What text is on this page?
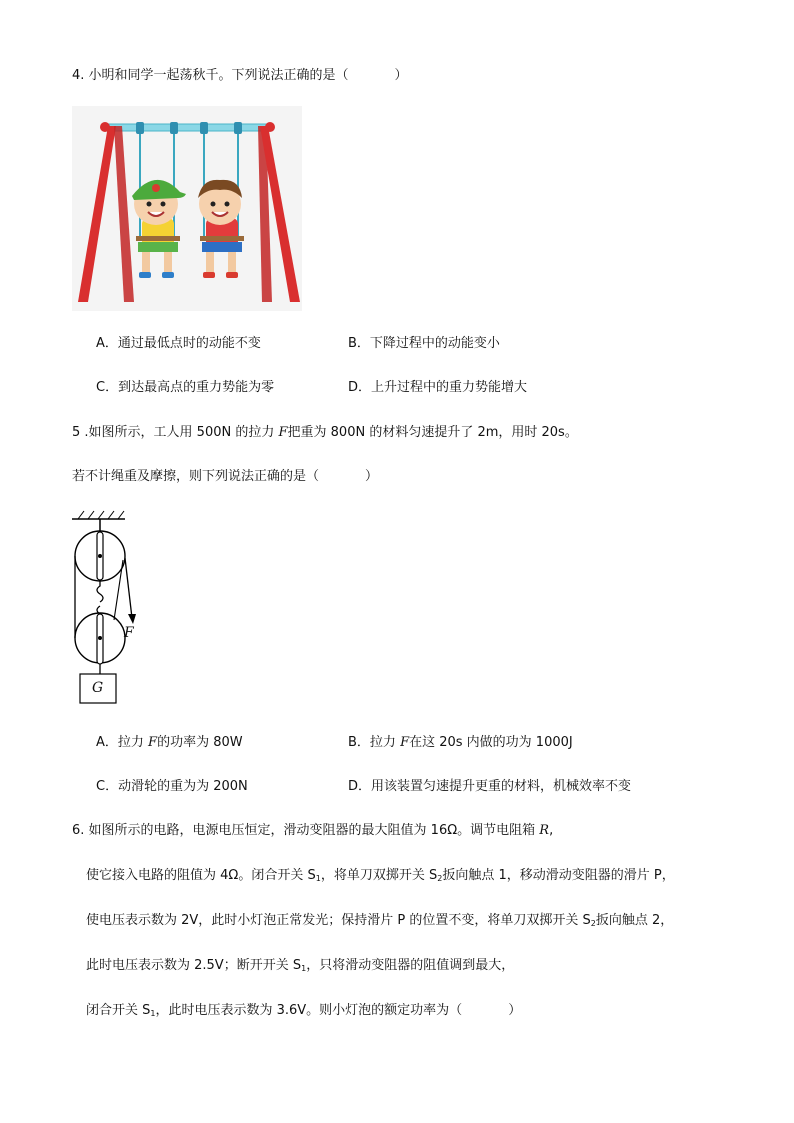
4. 小明和同学一起荡秋千。下列说法正确的是（	）
A．通过最低点时的动能不变	B．下降过程中的动能变小
C．到达最高点的重力势能为零	D．上升过程中的重力势能增大
5 .如图所示，工人用 500N 的拉力 F把重为 800N 的材料匀速提升了 2m，用时 20s。
若不计绳重及摩擦，则下列说法正确的是（	）
F
G
A．拉力 F的功率为 80W	B．拉力 F在这 20s 内做的功为 1000J
C．动滑轮的重为为 200N	D．用该装置匀速提升更重的材料，机械效率不变
6. 如图所示的电路，电源电压恒定，滑动变阻器的最大阻值为 16Ω。调节电阻箱 R,
使它接入电路的阻值为 4Ω。闭合开关 $S_1$，将单刀双掷开关 $S_2$扳向触点 1，移动滑动变阻器的滑片 P，
使电压表示数为 2V，此时小灯泡正常发光；保持滑片 P 的位置不变，将单刀双掷开关 $S_2$扳向触点 2，
此时电压表示数为 2.5V；断开开关 $S_1$，只将滑动变阻器的阻值调到最大，
闭合开关 $S_1$，此时电压表示数为 3.6V。则小灯泡的额定功率为（	）
